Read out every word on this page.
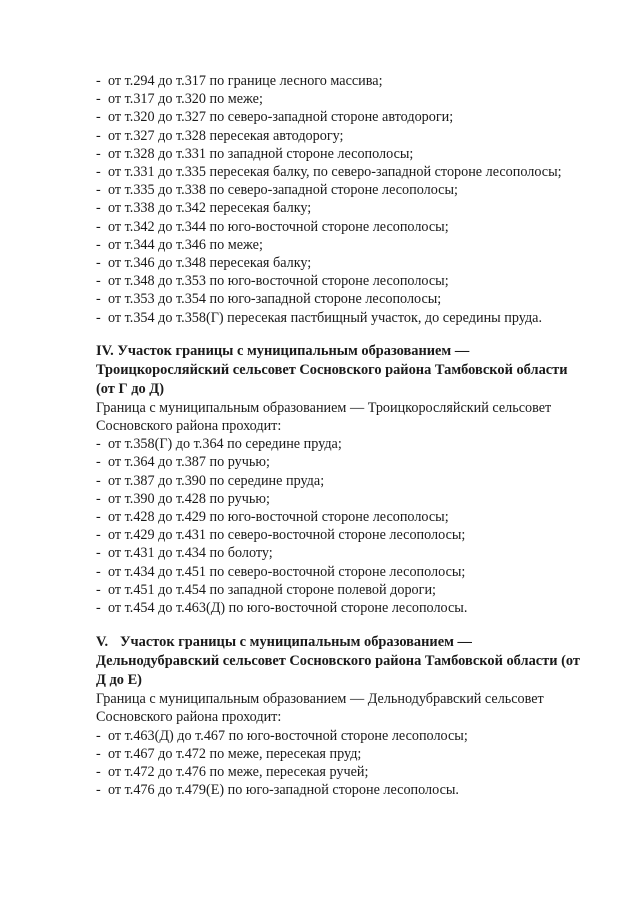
- от т.294 до т.317 по границе лесного массива;
- от т.317 до т.320 по меже;
- от т.320 до т.327 по северо-западной стороне автодороги;
- от т.327 до т.328 пересекая автодорогу;
- от т.328 до т.331 по западной стороне лесополосы;
- от т.331 до т.335 пересекая балку, по северо-западной стороне лесополосы;
- от т.335 до т.338 по северо-западной стороне лесополосы;
- от т.338 до т.342 пересекая балку;
- от т.342 до т.344 по юго-восточной стороне лесополосы;
- от т.344 до т.346 по меже;
- от т.346 до т.348 пересекая балку;
- от т.348 до т.353 по юго-восточной стороне лесополосы;
- от т.353 до т.354 по юго-западной стороне лесополосы;
- от т.354 до т.358(Г) пересекая пастбищный участок, до середины пруда.

IV. Участок границы с муниципальным образованием —
Троицкоросляйский сельсовет Сосновского района Тамбовской области
(от Г до Д)

Граница с муниципальным образованием — Троицкоросляйский сельсовет
Сосновского района проходит:

- от т.358(Г) до т.364 по середине пруда;
- от т.364 до т.387 по ручью;
- от т.387 до т.390 по середине пруда;
- от т.390 до т.428 по ручью;
- от т.428 до т.429 по юго-восточной стороне лесополосы;
- от т.429 до т.431 по северо-восточной стороне лесополосы;
- от т.431 до т.434 по болоту;
- от т.434 до т.451 по северо-восточной стороне лесополосы;
- от т.451 до т.454 по западной стороне полевой дороги;
- от т.454 до т.463(Д) по юго-восточной стороне лесополосы.

V. Участок границы с муниципальным образованием —
Дельнодубравский сельсовет Сосновского района Тамбовской области (от
Д до Е)

Граница с муниципальным образованием — Дельнодубравский сельсовет
Сосновского района проходит:

- от т.463(Д) до т.467 по юго-восточной стороне лесополосы;
- от т.467 до т.472 по меже, пересекая пруд;
- от т.472 до т.476 по меже, пересекая ручей;
- от т.476 до т.479(Е) по юго-западной стороне лесополосы.
